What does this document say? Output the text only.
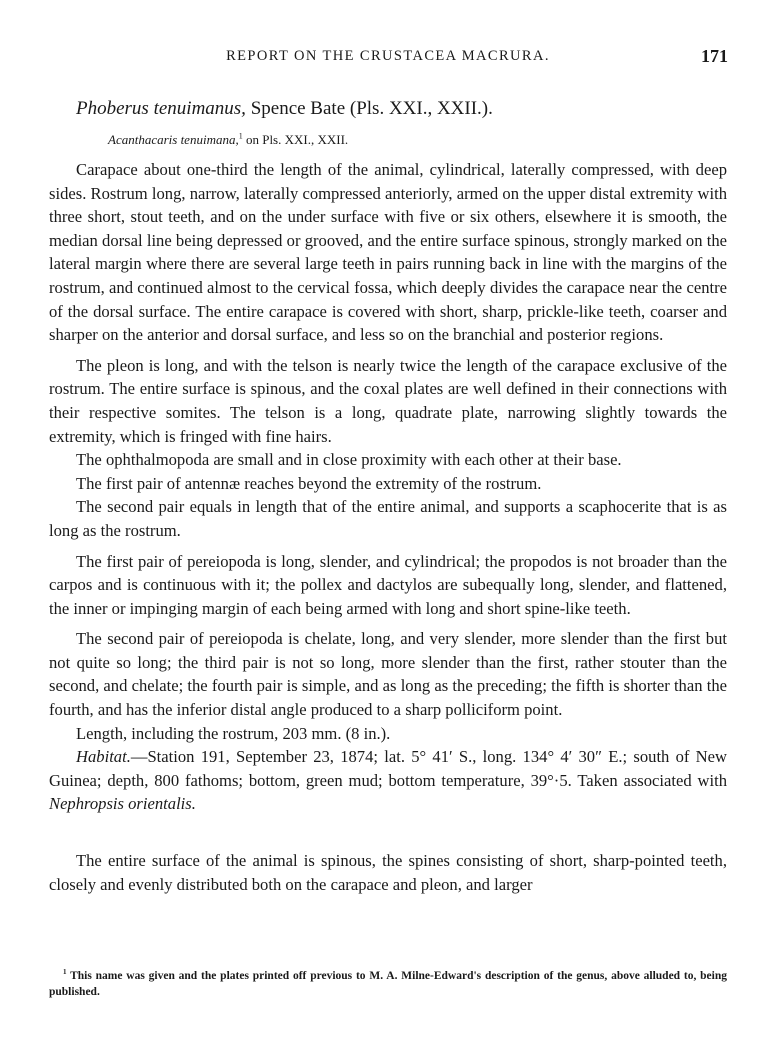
REPORT ON THE CRUSTACEA MACRURA.	171
Phoberus tenuimanus, Spence Bate (Pls. XXI., XXII.).
Acanthacaris tenuimana,$^1$ on Pls. XXI., XXII.

Carapace about one-third the length of the animal, cylindrical, laterally compressed, with deep sides. Rostrum long, narrow, laterally compressed anteriorly, armed on the upper distal extremity with three short, stout teeth, and on the under surface with five or six others, elsewhere it is smooth, the median dorsal line being depressed or grooved, and the entire surface spinous, strongly marked on the lateral margin where there are several large teeth in pairs running back in line with the margins of the rostrum, and continued almost to the cervical fossa, which deeply divides the carapace near the centre of the dorsal surface. The entire carapace is covered with short, sharp, prickle-like teeth, coarser and sharper on the anterior and dorsal surface, and less so on the branchial and posterior regions.

The pleon is long, and with the telson is nearly twice the length of the carapace exclusive of the rostrum. The entire surface is spinous, and the coxal plates are well defined in their connections with their respective somites. The telson is a long, quadrate plate, narrowing slightly towards the extremity, which is fringed with fine hairs.

The ophthalmopoda are small and in close proximity with each other at their base.

The first pair of antennæ reaches beyond the extremity of the rostrum.

The second pair equals in length that of the entire animal, and supports a scaphocerite that is as long as the rostrum.

The first pair of pereiopoda is long, slender, and cylindrical; the propodos is not broader than the carpos and is continuous with it; the pollex and dactylos are subequally long, slender, and flattened, the inner or impinging margin of each being armed with long and short spine-like teeth.

The second pair of pereiopoda is chelate, long, and very slender, more slender than the first but not quite so long; the third pair is not so long, more slender than the first, rather stouter than the second, and chelate; the fourth pair is simple, and as long as the preceding; the fifth is shorter than the fourth, and has the inferior distal angle produced to a sharp polliciform point.

Length, including the rostrum, 203 mm. (8 in.).

Habitat.—Station 191, September 23, 1874; lat. 5° 41′ S., long. 134° 4′ 30″ E.; south of New Guinea; depth, 800 fathoms; bottom, green mud; bottom temperature, 39°·5. Taken associated with Nephropsis orientalis.

The entire surface of the animal is spinous, the spines consisting of short, sharp-pointed teeth, closely and evenly distributed both on the carapace and pleon, and larger

$^1$ This name was given and the plates printed off previous to M. A. Milne-Edward's description of the genus, above alluded to, being published.
